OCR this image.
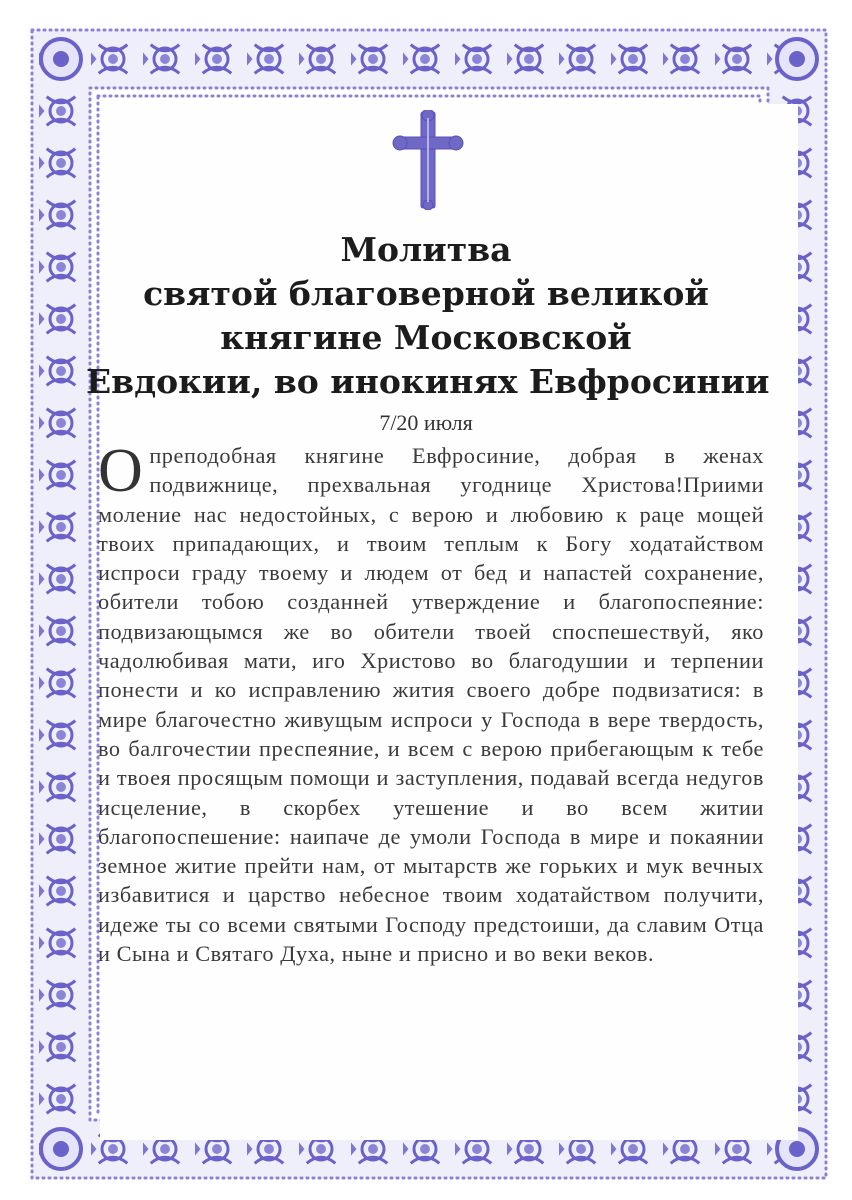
Молитва
святой благоверной великой
княгине Московской
Евдокии, во инокинях Евфросинии
7/20 июля
Опреподобная княгине Евфросиние, добрая в женах подвижнице, прехвальная угоднице Христова!Приими моление нас недостойных, с верою и любовию к раце мощей твоих припадающих, и твоим теплым к Богу ходатайством испроси граду твоему и людем от бед и напастей сохранение, обители тобою созданней утверждение и благопоспеяние: подвизающымся же во обители твоей споспешествуй, яко чадолюбивая мати, иго Христово во благодушии и терпении понести и ко исправлению жития своего добре подвизатися: в мире благочестно живущым испроси у Господа в вере твердость, во балгочестии преспеяние, и всем с верою прибегающым к тебе и твоея просящым помощи и заступления, подавай всегда недугов исцеление, в скорбех утешение и во всем житии благопоспешение: наипаче де умоли Господа в мире и покаянии земное житие прейти нам, от мытарств же горьких и мук вечных избавитися и царство небесное твоим ходатайством получити, идеже ты со всеми святыми Господу предстоиши, да славим Отца и Сына и Святаго Духа, ныне и присно и во веки веков.
